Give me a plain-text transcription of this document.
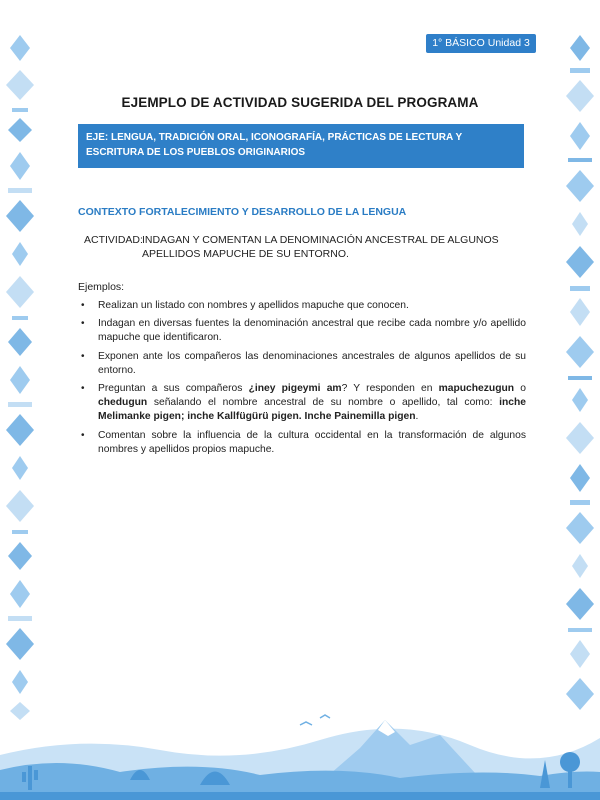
1° BÁSICO Unidad 3
EJEMPLO DE ACTIVIDAD SUGERIDA DEL PROGRAMA
EJE: LENGUA, TRADICIÓN ORAL, ICONOGRAFÍA, PRÁCTICAS DE LECTURA Y ESCRITURA DE LOS PUEBLOS ORIGINARIOS
CONTEXTO FORTALECIMIENTO Y DESARROLLO DE LA LENGUA
ACTIVIDAD: INDAGAN Y COMENTAN LA DENOMINACIÓN ANCESTRAL DE ALGUNOS APELLIDOS MAPUCHE DE SU ENTORNO.
Ejemplos:
• Realizan un listado con nombres y apellidos mapuche que conocen.
• Indagan en diversas fuentes la denominación ancestral que recibe cada nombre y/o apellido mapuche que identificaron.
• Exponen ante los compañeros las denominaciones ancestrales de algunos apellidos de su entorno.
• Preguntan a sus compañeros ¿iney pigeymi am? Y responden en mapuchezugun o chedugun señalando el nombre ancestral de su nombre o apellido, tal como: inche Melimanke pigen; inche Kallfügürü pigen. Inche Painemilla pigen.
• Comentan sobre la influencia de la cultura occidental en la transformación de algunos nombres y apellidos propios mapuche.
